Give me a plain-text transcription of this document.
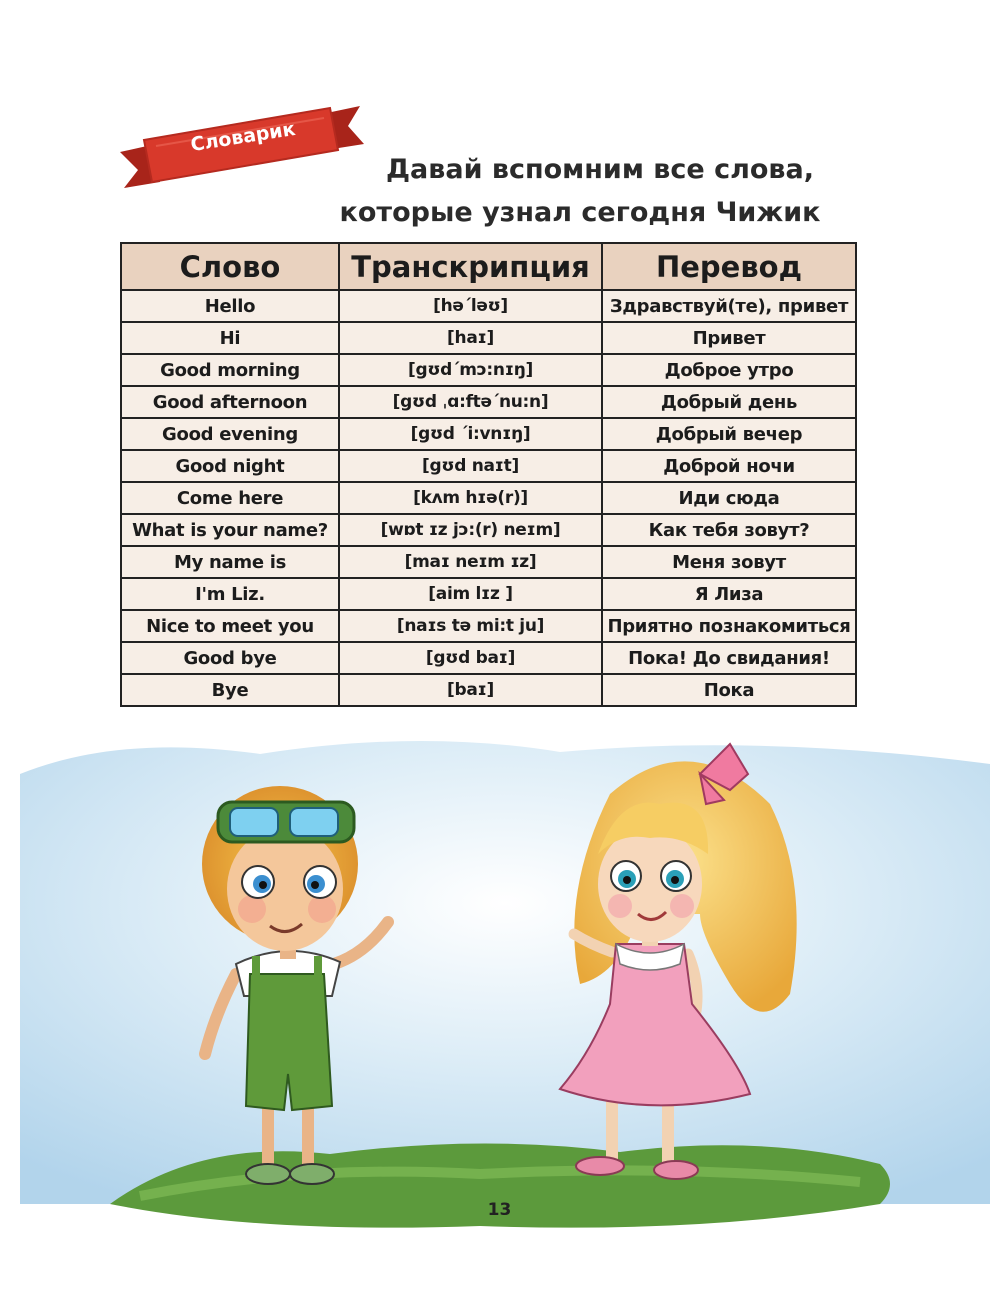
Словарик
Давай вспомним все слова,
которые узнал сегодня Чижик
Слово	Транскрипция	Перевод
Hello	[hə΄ləʊ]	Здравствуй(те), привет
Hi	[haɪ]	Привет
Good morning	[gʊd΄mɔ:nɪŋ]	Доброе утро
Good afternoon	[gʊd ˌɑ:ftə΄nu:n]	Добрый день
Good evening	[gʊd ΄i:vnɪŋ]	Добрый вечер
Good night	[gʊd naɪt]	Доброй ночи
Come here	[kʌm hɪə(r)]	Иди сюда
What is your name?	[wɒt ɪz jɔ:(r) neɪm]	Как тебя зовут?
My name is	[maɪ neɪm ɪz]	Меня зовут
I'm Liz.	[aim lɪz ]	Я Лиза
Nice to meet you	[naɪs tə mi:t ju]	Приятно познакомиться
Good bye	[gʊd baɪ]	Пока! До свидания!
Bye	[baɪ]	Пока
13
